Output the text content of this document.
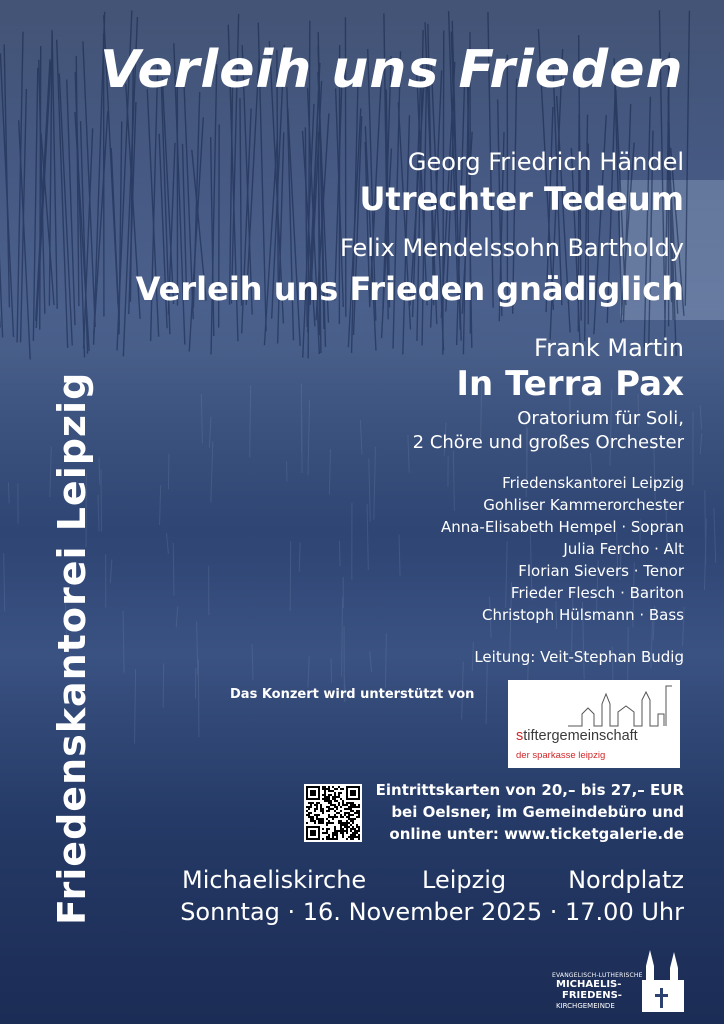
Verleih uns Frieden
Georg Friedrich Händel
Utrechter Tedeum
Felix Mendelssohn Bartholdy
Verleih uns Frieden gnädiglich
Frank Martin
In Terra Pax
Oratorium für Soli,
2 Chöre und großes Orchester
Friedenskantorei Leipzig
Gohliser Kammerorchester
Anna-Elisabeth Hempel · Sopran
Julia Fercho · Alt
Florian Sievers · Tenor
Frieder Flesch · Bariton
Christoph Hülsmann · Bass
Leitung: Veit-Stephan Budig
Das Konzert wird unterstützt von
stiftergemeinschaft
der sparkasse leipzig
Eintrittskarten von 20,– bis 27,– EUR
bei Oelsner, im Gemeindebüro und
online unter: www.ticketgalerie.de
Michaeliskirche Leipzig	Nordplatz
Sonntag · 16. November 2025 · 17.00 Uhr
Friedenskantorei Leipzig
EVANGELISCH-LUTHERISCHE
MICHAELIS-
FRIEDENS-
KIRCHGEMEINDE
